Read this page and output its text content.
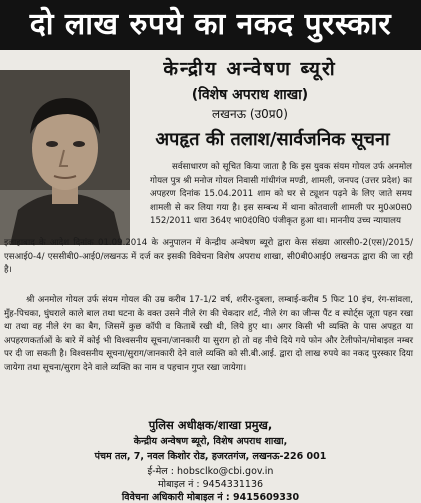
दो लाख रुपये का नकद पुरस्कार
केन्द्रीय अन्वेषण ब्यूरो
(विशेष अपराध शाखा)
लखनऊ (उ0प्र0)
अपहृत की तलाश/सार्वजनिक सूचना
सर्वसाधारण को सूचित किया जाता है कि इस युवक संयम गोयल उर्फ अनमोल गोयल पुत्र श्री मनोज गोयल निवासी गांधीगंज मण्डी, शामली, जनपद (उत्तर प्रदेश) का अपहरण दिनांक 15.04.2011 शाम को घर से ट्यूशन पढ़ने के लिए जाते समय शामली से कर लिया गया है। इस सम्बन्ध में थाना कोतवाली शामली पर मु0अ0स0 152/2011 धारा 364ए भा0दं0वि0 पंजीकृत हुआ था। माननीय उच्च न्यायालय
इलाहाबाद के आदेश दिनांक 01.09.2014 के अनुपालन में केन्द्रीय अन्वेषण ब्यूरो द्वारा केस संख्या आरसी0-2(एस)/2015/ एसआई0-4/ एससीबी0-आई0/लखनऊ में दर्ज कर इसकी विवेचना विशेष अपराध शाखा, सी0बी0आई0 लखनऊ द्वारा की जा रही है।
श्री अनमोल गोयल उर्फ संयम गोयल की उम्र करीब 17-1/2 वर्ष, शरीर-दुबला, लम्बाई-करीब 5 फिट 10 इंच, रंग-सांवला, मुँह-पिचका, घुंघराले काले बाल तथा घटना के वक्त उसने नीले रंग की चेकदार शर्ट, नीले रंग का जीन्स पैंट व स्पोर्ट्स जूता पहन रखा था तथा वह नीले रंग का बैग, जिसमें कुछ कॉपी व किताबें रखी थी, लिये हुए था। अगर किसी भी व्यक्ति के पास अपहृत या अपहरणकर्ताओं के बारे में कोई भी विश्वसनीय सूचना/जानकारी या सुराग हो तो वह नीचे दिये गये फोन और टेलीफोन/मोबाइल नम्बर पर दी जा सकती है। विश्वसनीय सूचना/सुराग/जानकारी देने वाले व्यक्ति को सी.बी.आई. द्वारा दो लाख रुपये का नकद पुरस्कार दिया जायेगा तथा सूचना/सुराग देने वाले व्यक्ति का नाम व पहचान गुप्त रखा जायेगा।
पुलिस अधीक्षक/शाखा प्रमुख,
केन्द्रीय अन्वेषण ब्यूरो, विशेष अपराध शाखा,
पंचम तल, 7, नवल किशोर रोड, हजरतगंज, लखनऊ-226 001
ई-मेल : hobsclko@cbi.gov.in
मोबाइल नं : 9454331136
विवेचना अधिकारी मोबाइल नं : 9415609330
